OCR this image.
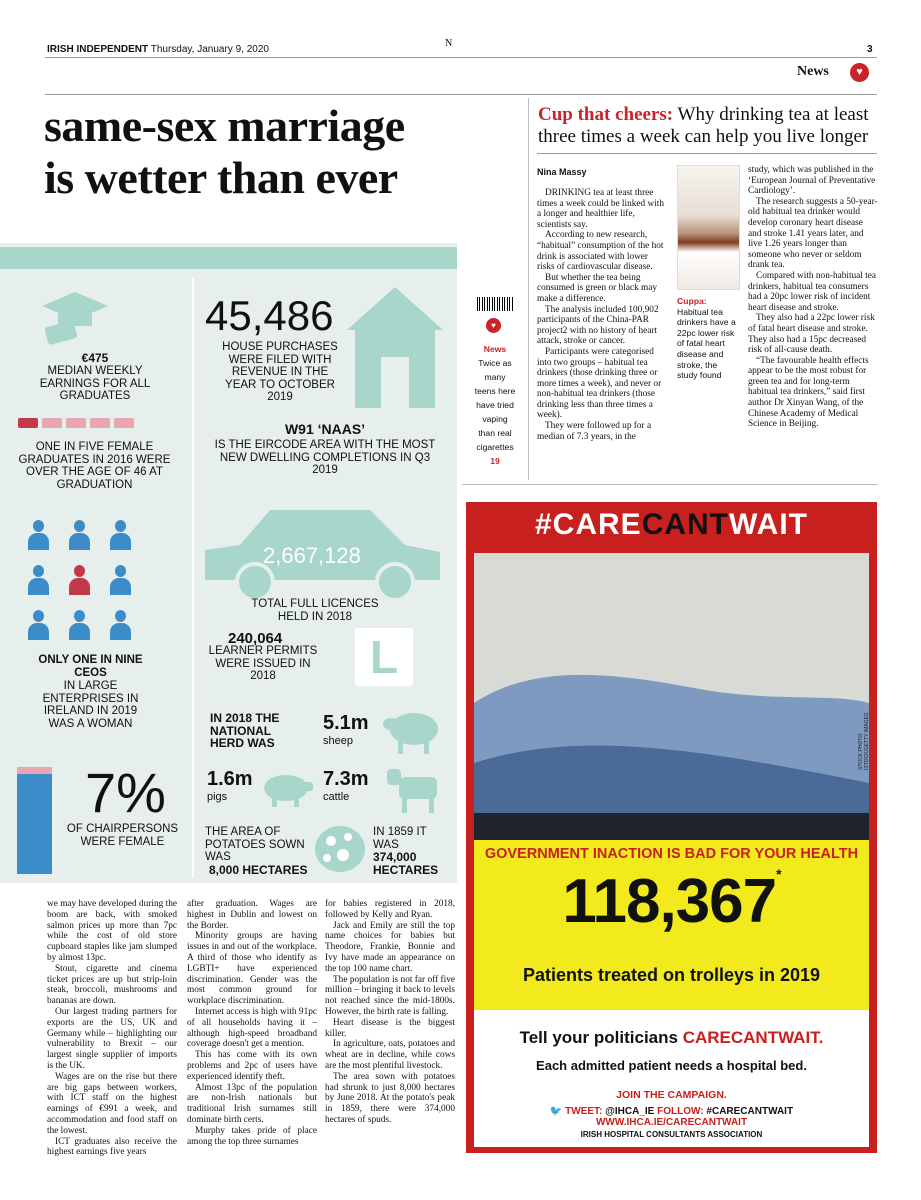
IRISH INDEPENDENT Thursday, January 9, 2020
N
3
News	♥
same-sex marriage
is wetter than ever
€475
MEDIAN WEEKLY EARNINGS FOR ALL GRADUATES
ONE IN FIVE FEMALE GRADUATES IN 2016 WERE OVER THE AGE OF 46 AT GRADUATION
ONLY ONE IN NINE CEOS
IN LARGE ENTERPRISES IN IRELAND IN 2019 WAS A WOMAN
7%
OF CHAIRPERSONS WERE FEMALE
45,486
HOUSE PURCHASES WERE FILED WITH REVENUE IN THE YEAR TO OCTOBER 2019
W91 ‘NAAS’
IS THE EIRCODE AREA WITH THE MOST NEW DWELLING COMPLETIONS IN Q3 2019
2,667,128
TOTAL FULL LICENCES HELD IN 2018
240,064
LEARNER PERMITS WERE ISSUED IN 2018	L
IN 2018 THE NATIONAL HERD WAS
5.1m
sheep
1.6m
pigs
7.3m
cattle
THE AREA OF POTATOES SOWN WAS
8,000 HECTARES
IN 1859 IT WAS
374,000 HECTARES
Cup that cheers: Why drinking tea at least three times a week can help you live longer
Nina Massy

DRINKING tea at least three times a week could be linked with a longer and healthier life, scientists say.

According to new research, “habitual” consumption of the hot drink is associated with lower risks of cardiovascular disease.

But whether the tea being consumed is green or black may make a difference.

The analysis included 100,902 participants of the China-PAR project2 with no history of heart attack, stroke or cancer.

Participants were categorised into two groups – habitual tea drinkers (those drinking three or more times a week), and never or non-habitual tea drinkers (those drinking less than three times a week).

They were followed up for a median of 7.3 years, in the

Cuppa: Habitual tea drinkers have a 22pc lower risk of fatal heart disease and stroke, the study found

study, which was published in the ‘European Journal of Preventative Cardiology’.

The research suggests a 50-year-old habitual tea drinker would develop coronary heart disease and stroke 1.41 years later, and live 1.26 years longer than someone who never or seldom drank tea.

Compared with non-habitual tea drinkers, habitual tea consumers had a 20pc lower risk of incident heart disease and stroke.

They also had a 22pc lower risk of fatal heart disease and stroke. They also had a 15pc decreased risk of all-cause death.

“The favourable health effects appear to be the most robust for green tea and for long-term habitual tea drinkers,” said first author Dr Xinyan Wang, of the Chinese Academy of Medical Science in Beijing.

♥
News
Twice as many teens here have tried vaping than real cigarettes
19
#CARECANTWAIT
STOCK PHOTO: ISTOCK/GETTY IMAGES
GOVERNMENT INACTION IS BAD FOR YOUR HEALTH
118,367*
Patients treated on trolleys in 2019
Tell your politicians CARECANTWAIT.
Each admitted patient needs a hospital bed.
JOIN THE CAMPAIGN.
🐦 TWEET: @IHCA_IE FOLLOW: #CARECANTWAIT WWW.IHCA.IE/CARECANTWAIT
IRISH HOSPITAL CONSULTANTS ASSOCIATION

we may have developed during the boom are back, with smoked salmon prices up more than 7pc while the cost of old store cupboard staples like jam slumped by almost 13pc.

Stout, cigarette and cinema ticket prices are up but strip-loin steak, broccoli, mushrooms and bananas are down.

Our largest trading partners for exports are the US, UK and Germany while – highlighting our vulnerability to Brexit – our largest single supplier of imports is the UK.

Wages are on the rise but there are big gaps between workers, with ICT staff on the highest earnings of €991 a week, and accommodation and food staff on the lowest.

ICT graduates also receive the highest earnings five years

after graduation. Wages are highest in Dublin and lowest on the Border.

Minority groups are having issues in and out of the workplace. A third of those who identify as LGBTI+ have experienced discrimination. Gender was the most common ground for workplace discrimination.

Internet access is high with 91pc of all households having it – although high-speed broadband coverage doesn't get a mention.

This has come with its own problems and 2pc of users have experienced identify theft.

Almost 13pc of the population are non-Irish nationals but traditional Irish surnames still dominate birth certs.

Murphy takes pride of place among the top three surnames

for babies registered in 2018, followed by Kelly and Ryan.

Jack and Emily are still the top name choices for babies but Theodore, Frankie, Bonnie and Ivy have made an appearance on the top 100 name chart.

The population is not far off five million – bringing it back to levels not reached since the mid-1800s. However, the birth rate is falling.

Heart disease is the biggest killer.

In agriculture, oats, potatoes and wheat are in decline, while cows are the most plentiful livestock.

The area sown with potatoes had shrunk to just 8,000 hectares by June 2018. At the potato's peak in 1859, there were 374,000 hectares of spuds.
